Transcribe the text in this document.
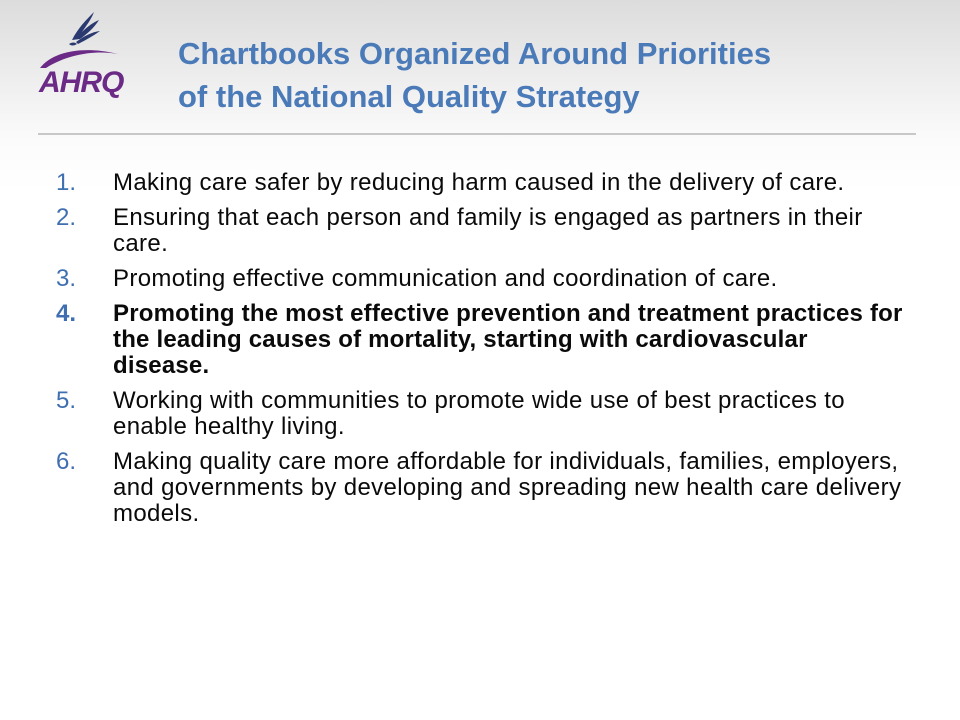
AHRQ
Chartbooks Organized Around Priorities
of the National Quality Strategy
1.	Making care safer by reducing harm caused in the delivery of care.
2.	Ensuring that each person and family is engaged as partners in their care.
3.	Promoting effective communication and coordination of care.
4.	Promoting the most effective prevention and treatment practices for the leading causes of mortality, starting with cardiovascular disease.
5.	Working with communities to promote wide use of best practices to enable healthy living.
6.	Making quality care more affordable for individuals, families, employers, and governments by developing and spreading new health care delivery models.
